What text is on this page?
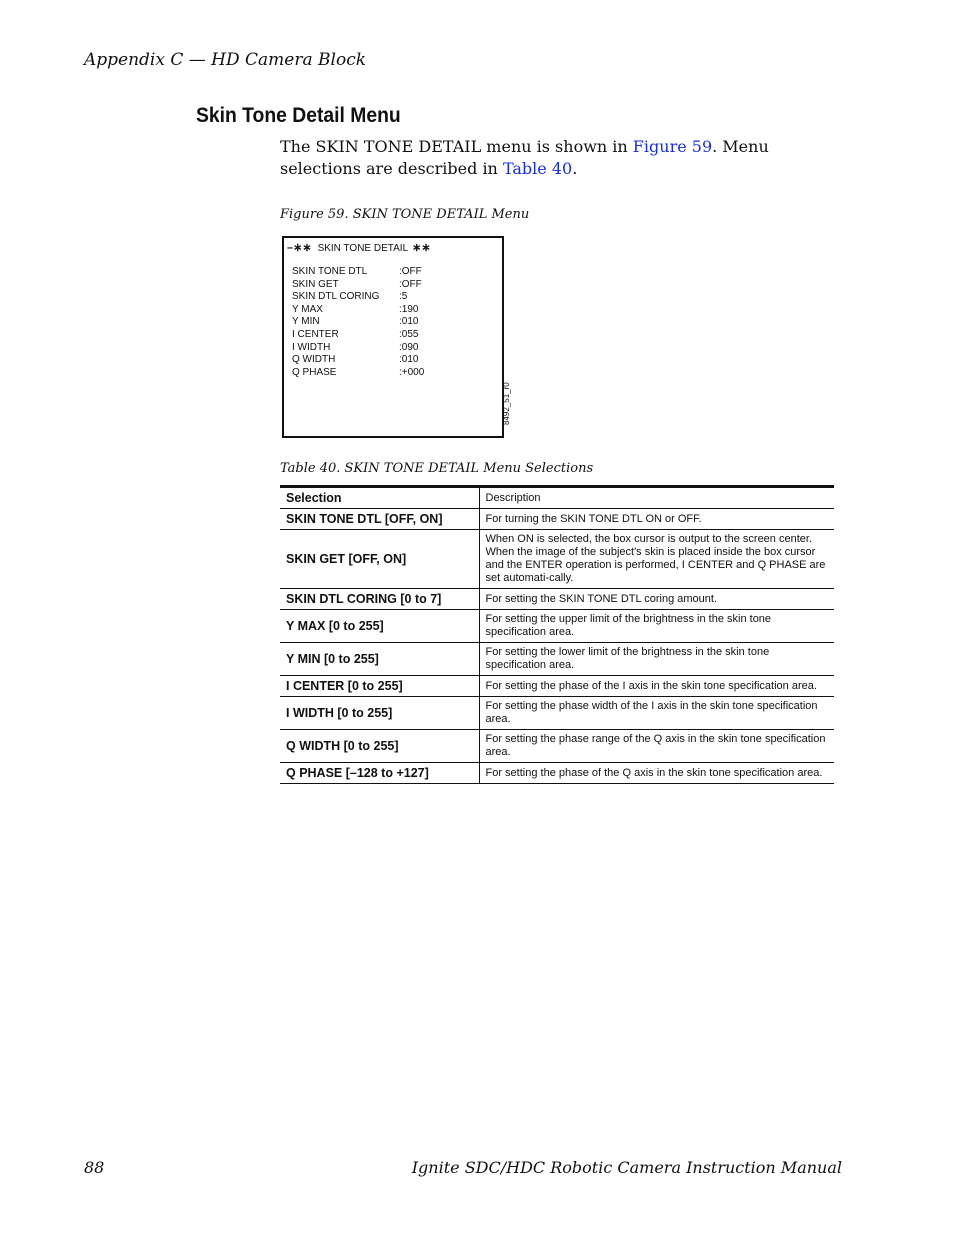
Appendix C — HD Camera Block
Skin Tone Detail Menu

The SKIN TONE DETAIL menu is shown in Figure 59. Menu selections are described in Table 40.

Figure 59. SKIN TONE DETAIL Menu
–∗∗ SKIN TONE DETAIL ∗∗
SKIN TONE DTL	:OFF
SKIN GET	:OFF
SKIN DTL CORING :5
Y MAX	:190
Y MIN	:010
I CENTER	:055
I WIDTH	:090
Q WIDTH	:010
Q PHASE	:+000
8492_51_r0
Table 40. SKIN TONE DETAIL Menu Selections
Selection	Description
SKIN TONE DTL [OFF, ON]	For turning the SKIN TONE DTL ON or OFF.
SKIN GET [OFF, ON]	When ON is selected, the box cursor is output to the screen center. When the image of the subject's skin is placed inside the box cursor and the ENTER operation is performed, I CENTER and Q PHASE are set automati-cally.
SKIN DTL CORING [0 to 7]	For setting the SKIN TONE DTL coring amount.
Y MAX [0 to 255]	For setting the upper limit of the brightness in the skin tone specification area.
Y MIN [0 to 255]	For setting the lower limit of the brightness in the skin tone specification area.
I CENTER [0 to 255]	For setting the phase of the I axis in the skin tone specification area.
I WIDTH [0 to 255]	For setting the phase width of the I axis in the skin tone specification area.
Q WIDTH [0 to 255]	For setting the phase range of the Q axis in the skin tone specification area.
Q PHASE [–128 to +127]	For setting the phase of the Q axis in the skin tone specification area.
88	Ignite SDC/HDC Robotic Camera Instruction Manual
